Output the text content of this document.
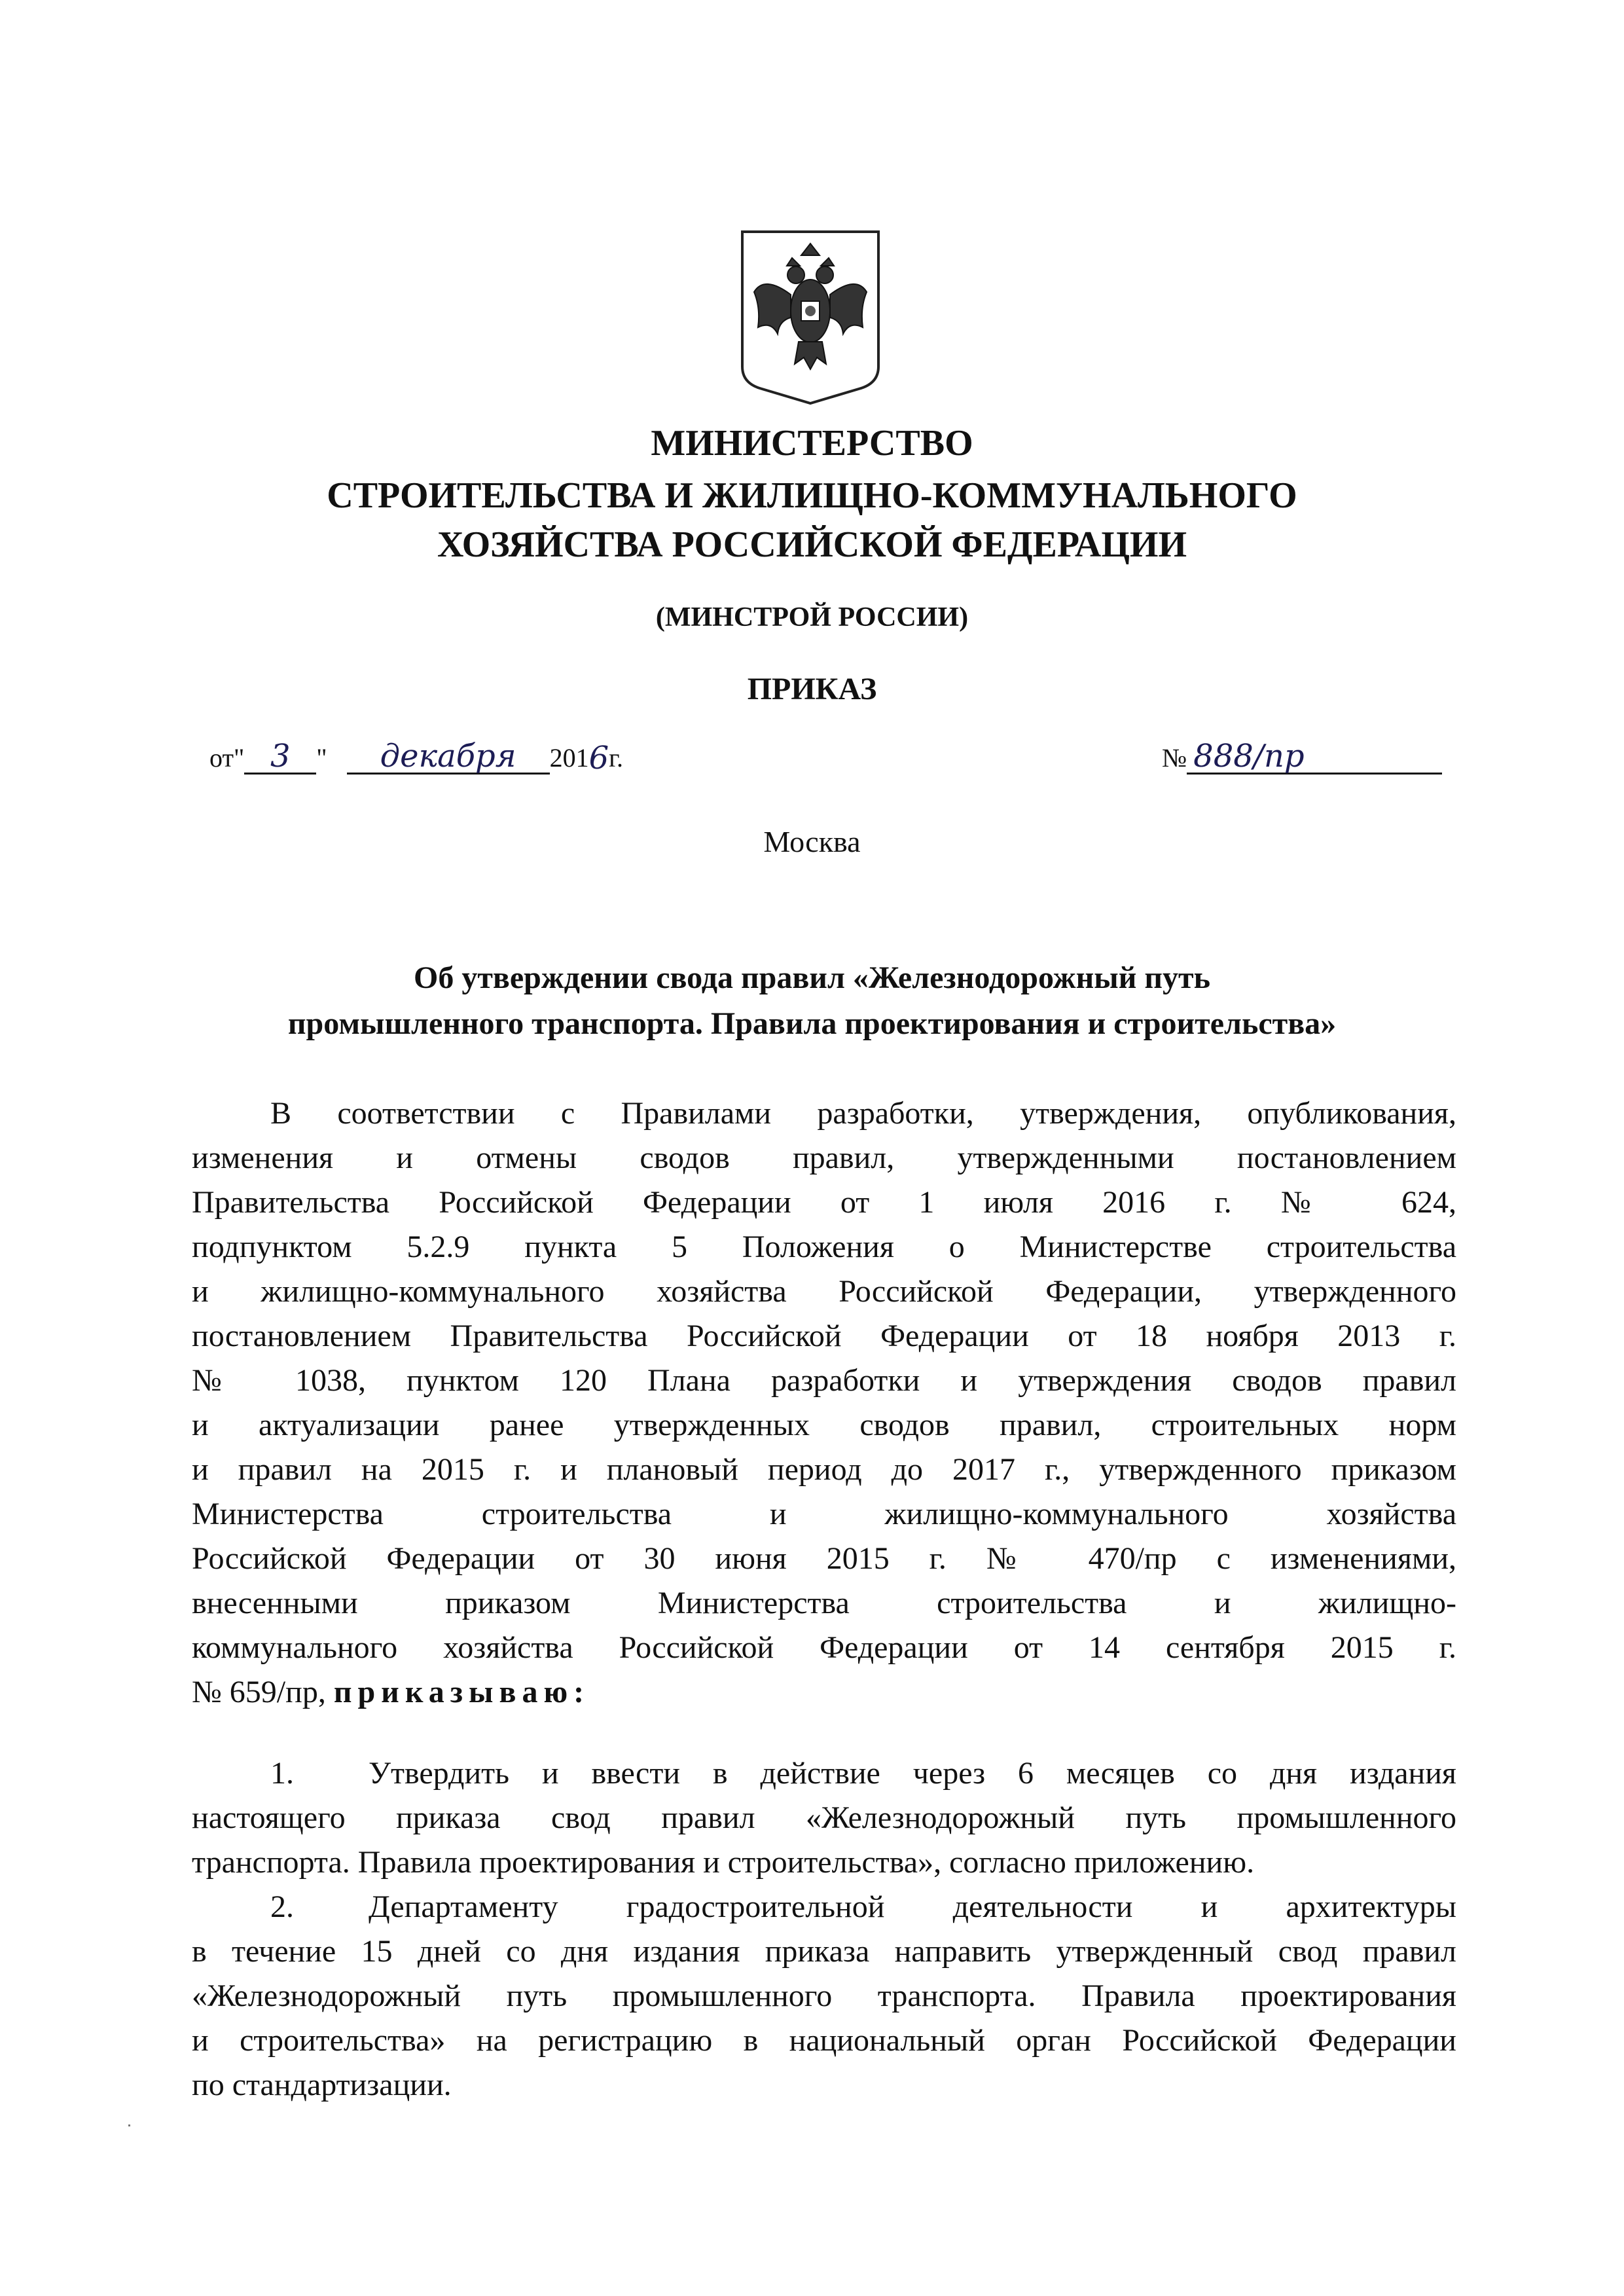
МИНИСТЕРСТВО
СТРОИТЕЛЬСТВА И ЖИЛИЩНО-КОММУНАЛЬНОГО
ХОЗЯЙСТВА РОССИЙСКОЙ ФЕДЕРАЦИИ
(МИНСТРОЙ РОССИИ)
ПРИКАЗ
от" 3 " декабря 2016г.	№ 888/пр
Москва
Об утверждении свода правил «Железнодорожный путь
промышленного транспорта. Правила проектирования и строительства»
В соответствии с Правилами разработки, утверждения, опубликования,
изменения и отмены сводов правил, утвержденными постановлением
Правительства Российской Федерации от 1 июля 2016 г. № 624,
подпунктом 5.2.9 пункта 5 Положения о Министерстве строительства
и жилищно-коммунального хозяйства Российской Федерации, утвержденного
постановлением Правительства Российской Федерации от 18 ноября 2013 г.
№ 1038, пунктом 120 Плана разработки и утверждения сводов правил
и актуализации ранее утвержденных сводов правил, строительных норм
и правил на 2015 г. и плановый период до 2017 г., утвержденного приказом
Министерства строительства и жилищно-коммунального хозяйства
Российской Федерации от 30 июня 2015 г. № 470/пр с изменениями,
внесенными приказом Министерства строительства и жилищно-
коммунального хозяйства Российской Федерации от 14 сентября 2015 г.
№ 659/пр, приказываю:
1. Утвердить и ввести в действие через 6 месяцев со дня издания
настоящего приказа свод правил «Железнодорожный путь промышленного
транспорта. Правила проектирования и строительства», согласно приложению.
2. Департаменту градостроительной деятельности и архитектуры
в течение 15 дней со дня издания приказа направить утвержденный свод правил
«Железнодорожный путь промышленного транспорта. Правила проектирования
и строительства» на регистрацию в национальный орган Российской Федерации
по стандартизации.
